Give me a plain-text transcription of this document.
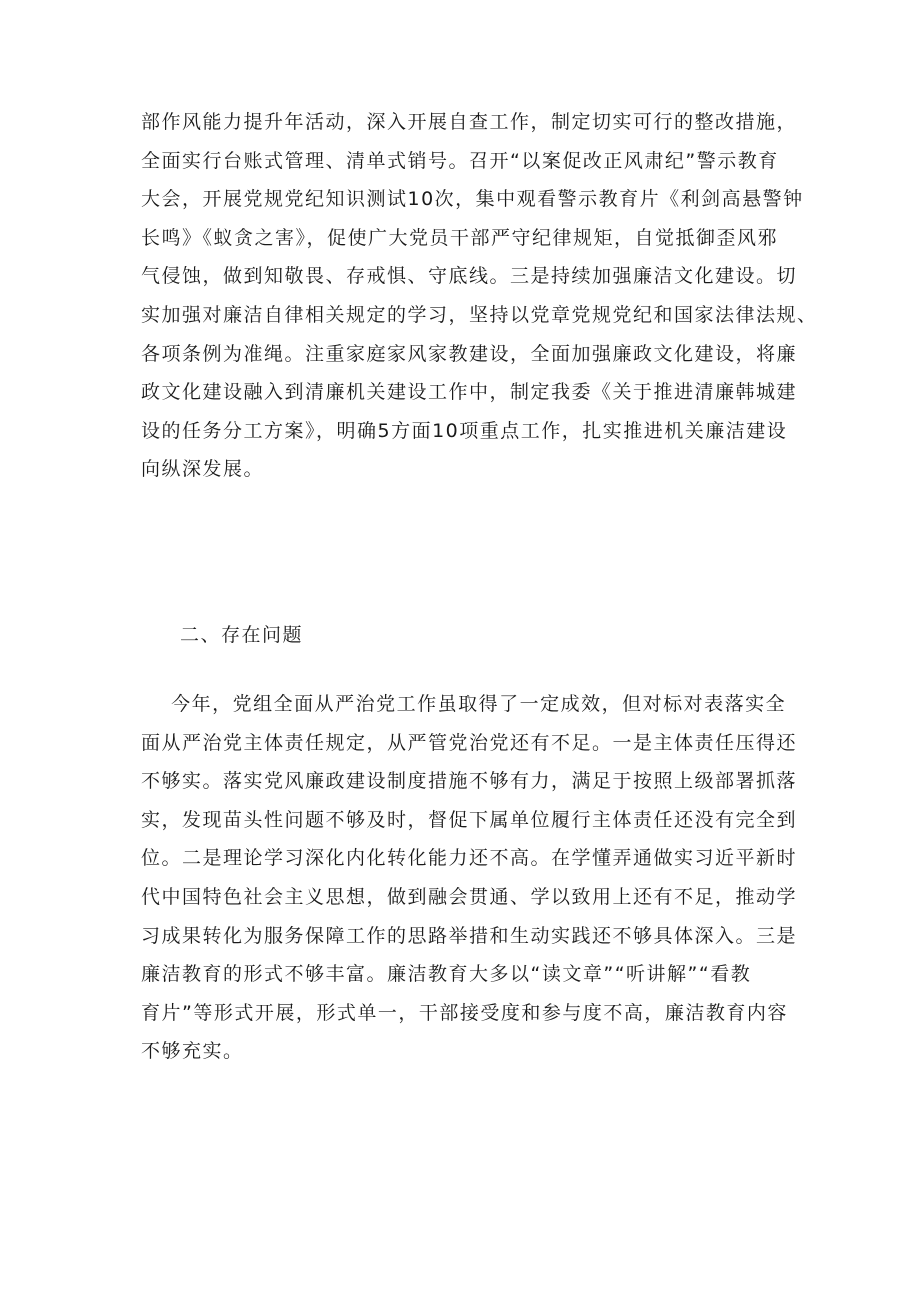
部作风能力提升年活动，深入开展自查工作，制定切实可行的整改措施，
全面实行台账式管理、清单式销号。召开“以案促改正风肃纪”警示教育
大会，开展党规党纪知识测试10次，集中观看警示教育片《利剑高悬警钟
长鸣》《蚁贪之害》，促使广大党员干部严守纪律规矩，自觉抵御歪风邪
气侵蚀，做到知敬畏、存戒惧、守底线。三是持续加强廉洁文化建设。切
实加强对廉洁自律相关规定的学习，坚持以党章党规党纪和国家法律法规、
各项条例为准绳。注重家庭家风家教建设，全面加强廉政文化建设，将廉
政文化建设融入到清廉机关建设工作中，制定我委《关于推进清廉韩城建
设的任务分工方案》，明确5方面10项重点工作，扎实推进机关廉洁建设
向纵深发展。
二、存在问题
今年，党组全面从严治党工作虽取得了一定成效，但对标对表落实全
面从严治党主体责任规定，从严管党治党还有不足。一是主体责任压得还
不够实。落实党风廉政建设制度措施不够有力，满足于按照上级部署抓落
实，发现苗头性问题不够及时，督促下属单位履行主体责任还没有完全到
位。二是理论学习深化内化转化能力还不高。在学懂弄通做实习近平新时
代中国特色社会主义思想，做到融会贯通、学以致用上还有不足，推动学
习成果转化为服务保障工作的思路举措和生动实践还不够具体深入。三是
廉洁教育的形式不够丰富。廉洁教育大多以“读文章”“听讲解”“看教
育片”等形式开展，形式单一，干部接受度和参与度不高，廉洁教育内容
不够充实。
